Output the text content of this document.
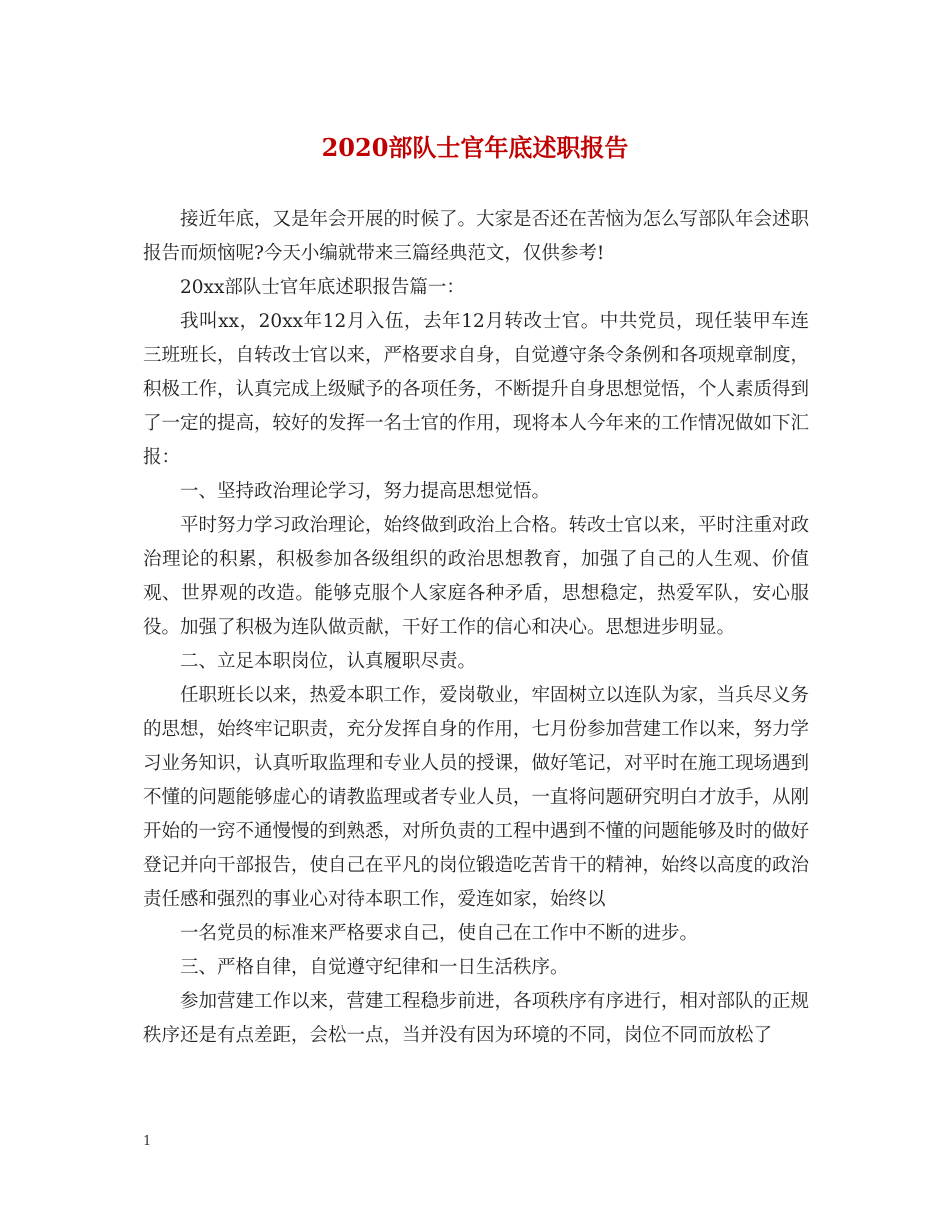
2020部队士官年底述职报告

接近年底，又是年会开展的时候了。大家是否还在苦恼为怎么写部队年会述职报告而烦恼呢?今天小编就带来三篇经典范文，仅供参考!

20xx部队士官年底述职报告篇一：

我叫xx，20xx年12月入伍，去年12月转改士官。中共党员，现任装甲车连三班班长，自转改士官以来，严格要求自身，自觉遵守条令条例和各项规章制度，积极工作，认真完成上级赋予的各项任务，不断提升自身思想觉悟，个人素质得到了一定的提高，较好的发挥一名士官的作用，现将本人今年来的工作情况做如下汇报：

一、坚持政治理论学习，努力提高思想觉悟。

平时努力学习政治理论，始终做到政治上合格。转改士官以来，平时注重对政治理论的积累，积极参加各级组织的政治思想教育，加强了自己的人生观、价值观、世界观的改造。能够克服个人家庭各种矛盾，思想稳定，热爱军队，安心服役。加强了积极为连队做贡献，干好工作的信心和决心。思想进步明显。

二、立足本职岗位，认真履职尽责。

任职班长以来，热爱本职工作，爱岗敬业，牢固树立以连队为家，当兵尽义务的思想，始终牢记职责，充分发挥自身的作用，七月份参加营建工作以来，努力学习业务知识，认真听取监理和专业人员的授课，做好笔记，对平时在施工现场遇到不懂的问题能够虚心的请教监理或者专业人员，一直将问题研究明白才放手，从刚开始的一窍不通慢慢的到熟悉，对所负责的工程中遇到不懂的问题能够及时的做好登记并向干部报告，使自己在平凡的岗位锻造吃苦肯干的精神，始终以高度的政治责任感和强烈的事业心对待本职工作，爱连如家，始终以

一名党员的标准来严格要求自己，使自己在工作中不断的进步。

三、严格自律，自觉遵守纪律和一日生活秩序。

参加营建工作以来，营建工程稳步前进，各项秩序有序进行，相对部队的正规秩序还是有点差距，会松一点，当并没有因为环境的不同，岗位不同而放松了

1
